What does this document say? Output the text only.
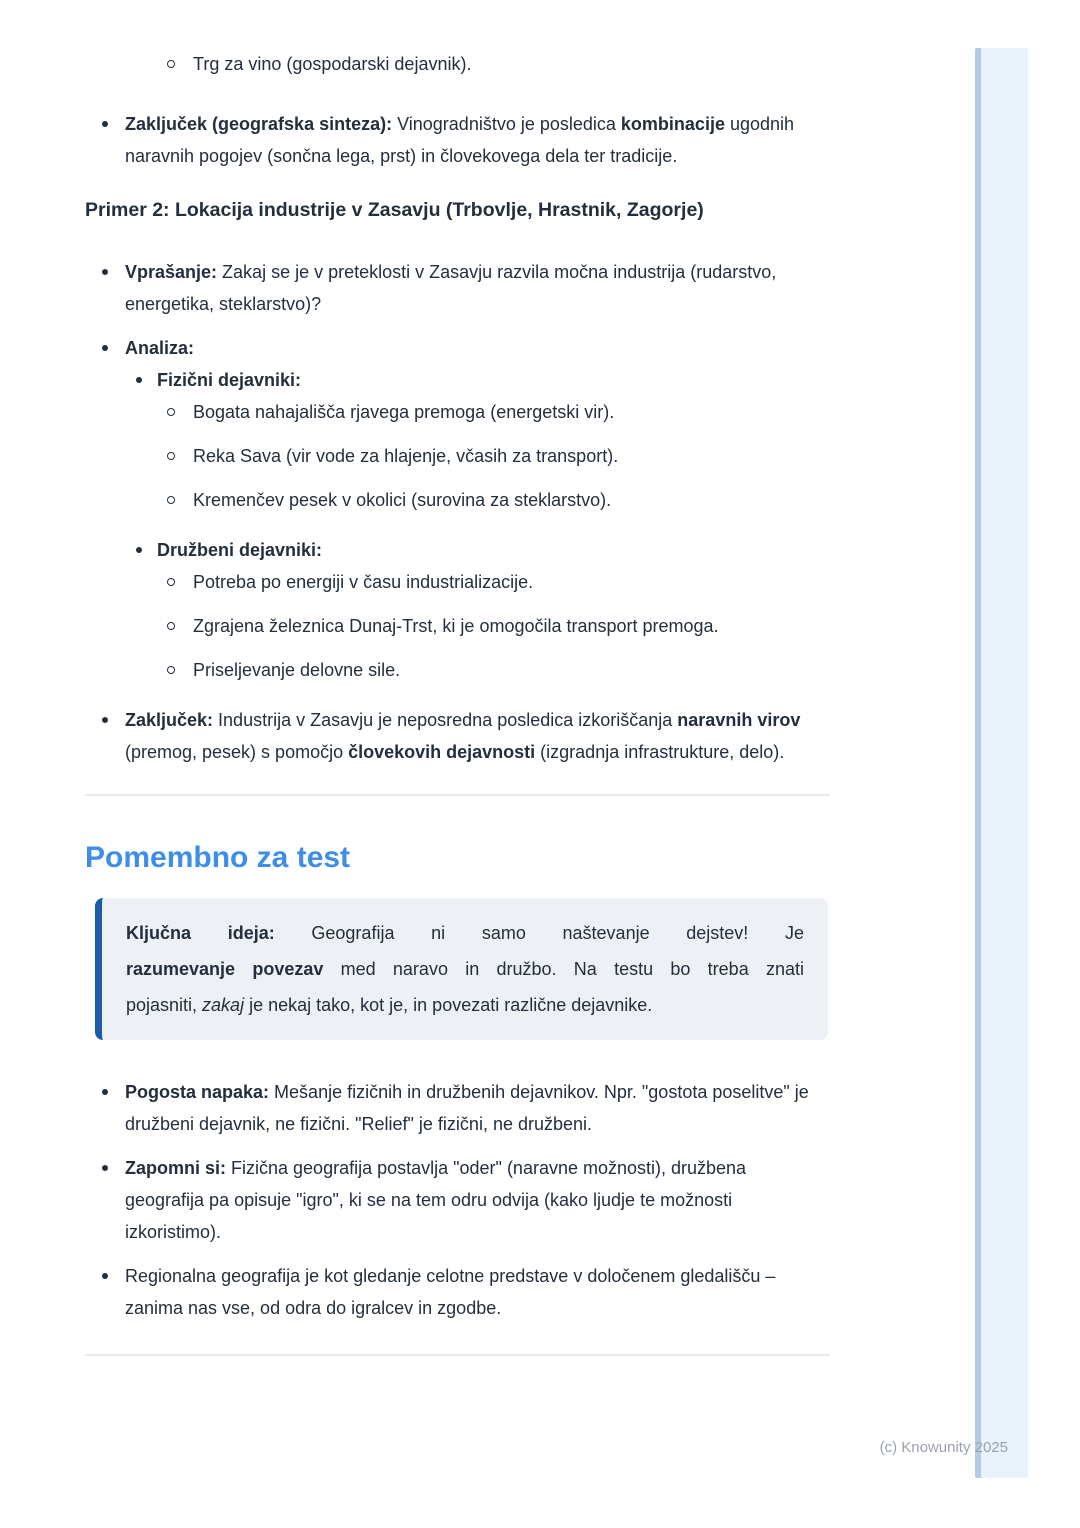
Trg za vino (gospodarski dejavnik).
Zaključek (geografska sinteza): Vinogradništvo je posledica kombinacije ugodnih naravnih pogojev (sončna lega, prst) in človekovega dela ter tradicije.
Primer 2: Lokacija industrije v Zasavju (Trbovlje, Hrastnik, Zagorje)
Vprašanje: Zakaj se je v preteklosti v Zasavju razvila močna industrija (rudarstvo, energetika, steklarstvo)?
Analiza:
Fizični dejavniki:
Bogata nahajališča rjavega premoga (energetski vir).
Reka Sava (vir vode za hlajenje, včasih za transport).
Kremenčev pesek v okolici (surovina za steklarstvo).
Družbeni dejavniki:
Potreba po energiji v času industrializacije.
Zgrajena železnica Dunaj-Trst, ki je omogočila transport premoga.
Priseljevanje delovne sile.
Zaključek: Industrija v Zasavju je neposredna posledica izkoriščanja naravnih virov (premog, pesek) s pomočjo človekovih dejavnosti (izgradnja infrastrukture, delo).
Pomembno za test
Ključna ideja: Geografija ni samo naštevanje dejstev! Je
razumevanje povezav med naravo in družbo. Na testu bo treba znati
pojasniti, zakaj je nekaj tako, kot je, in povezati različne dejavnike.
Pogosta napaka: Mešanje fizičnih in družbenih dejavnikov. Npr. "gostota poselitve" je družbeni dejavnik, ne fizični. "Relief" je fizični, ne družbeni.
Zapomni si: Fizična geografija postavlja "oder" (naravne možnosti), družbena geografija pa opisuje "igro", ki se na tem odru odvija (kako ljudje te možnosti izkoristimo).
Regionalna geografija je kot gledanje celotne predstave v določenem gledališču – zanima nas vse, od odra do igralcev in zgodbe.
(c) Knowunity 2025
